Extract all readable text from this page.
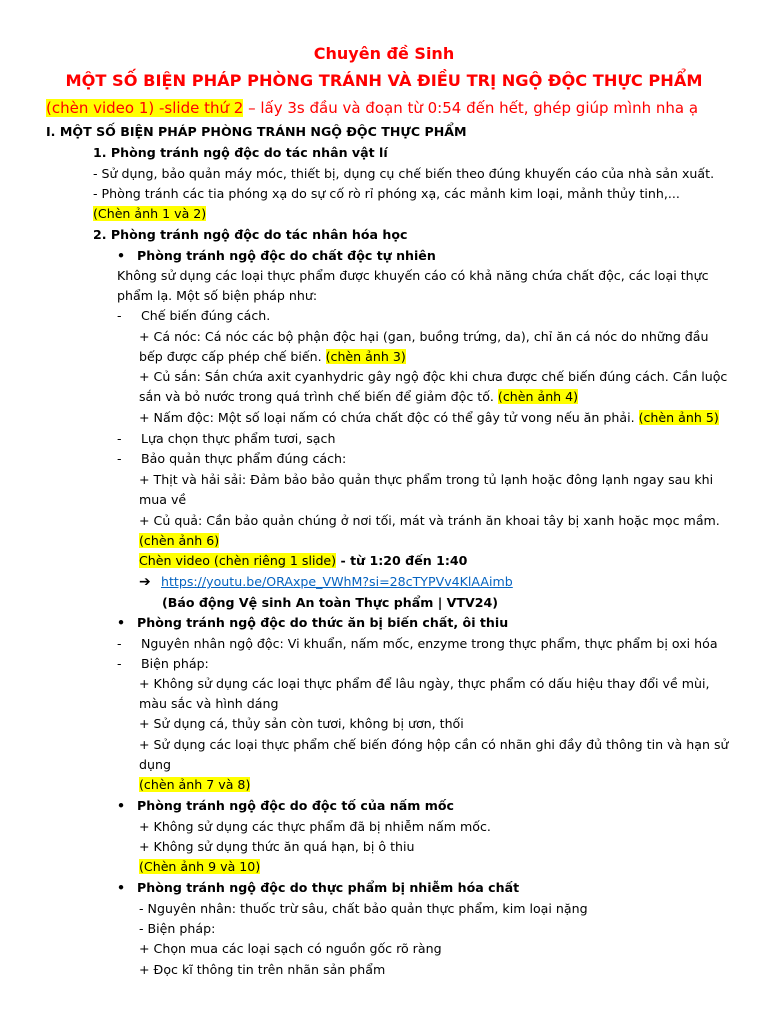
Chuyên đề Sinh
MỘT SỐ BIỆN PHÁP PHÒNG TRÁNH VÀ ĐIỀU TRỊ NGỘ ĐỘC THỰC PHẨM
(chèn video 1) -slide thứ 2 – lấy 3s đầu và đoạn từ 0:54 đến hết, ghép giúp mình nha ạ
I. MỘT SỐ BIỆN PHÁP PHÒNG TRÁNH NGỘ ĐỘC THỰC PHẨM
1. Phòng tránh ngộ độc do tác nhân vật lí
- Sử dụng, bảo quản máy móc, thiết bị, dụng cụ chế biến theo đúng khuyến cáo của nhà sản xuất.
- Phòng tránh các tia phóng xạ do sự cố rò rỉ phóng xạ, các mảnh kim loại, mảnh thủy tinh,...
(Chèn ảnh 1 và 2)
2. Phòng tránh ngộ độc do tác nhân hóa học
• Phòng tránh ngộ độc do chất độc tự nhiên
Không sử dụng các loại thực phẩm được khuyến cáo có khả năng chứa chất độc, các loại thực
phẩm lạ. Một số biện pháp như:
- Chế biến đúng cách.
+ Cá nóc: Cá nóc các bộ phận độc hại (gan, buồng trứng, da), chỉ ăn cá nóc do những đầu
bếp được cấp phép chế biến. (chèn ảnh 3)
+ Củ sắn: Sắn chứa axit cyanhydric gây ngộ độc khi chưa được chế biến đúng cách. Cần luộc
sắn và bỏ nước trong quá trình chế biến để giảm độc tố. (chèn ảnh 4)
+ Nấm độc: Một số loại nấm có chứa chất độc có thể gây tử vong nếu ăn phải. (chèn ảnh 5)
- Lựa chọn thực phẩm tươi, sạch
- Bảo quản thực phẩm đúng cách:
+ Thịt và hải sải: Đảm bảo bảo quản thực phẩm trong tủ lạnh hoặc đông lạnh ngay sau khi
mua về
+ Củ quả: Cần bảo quản chúng ở nơi tối, mát và tránh ăn khoai tây bị xanh hoặc mọc mầm.
(chèn ảnh 6)
Chèn video (chèn riêng 1 slide) - từ 1:20 đến 1:40
➔ https://youtu.be/ORAxpe_VWhM?si=28cTYPVv4KlAAimb
(Báo động Vệ sinh An toàn Thực phẩm | VTV24)
• Phòng tránh ngộ độc do thức ăn bị biến chất, ôi thiu
- Nguyên nhân ngộ độc: Vi khuẩn, nấm mốc, enzyme trong thực phẩm, thực phẩm bị oxi hóa
- Biện pháp:
+ Không sử dụng các loại thực phẩm để lâu ngày, thực phẩm có dấu hiệu thay đổi về mùi,
màu sắc và hình dáng
+ Sử dụng cá, thủy sản còn tươi, không bị ươn, thối
+ Sử dụng các loại thực phẩm chế biến đóng hộp cần có nhãn ghi đầy đủ thông tin và hạn sử
dụng
(chèn ảnh 7 và 8)
• Phòng tránh ngộ độc do độc tố của nấm mốc
+ Không sử dụng các thực phẩm đã bị nhiễm nấm mốc.
+ Không sử dụng thức ăn quá hạn, bị ô thiu
(Chèn ảnh 9 và 10)
• Phòng tránh ngộ độc do thực phẩm bị nhiễm hóa chất
- Nguyên nhân: thuốc trừ sâu, chất bảo quản thực phẩm, kim loại nặng
- Biện pháp:
+ Chọn mua các loại sạch có nguồn gốc rõ ràng
+ Đọc kĩ thông tin trên nhãn sản phẩm
